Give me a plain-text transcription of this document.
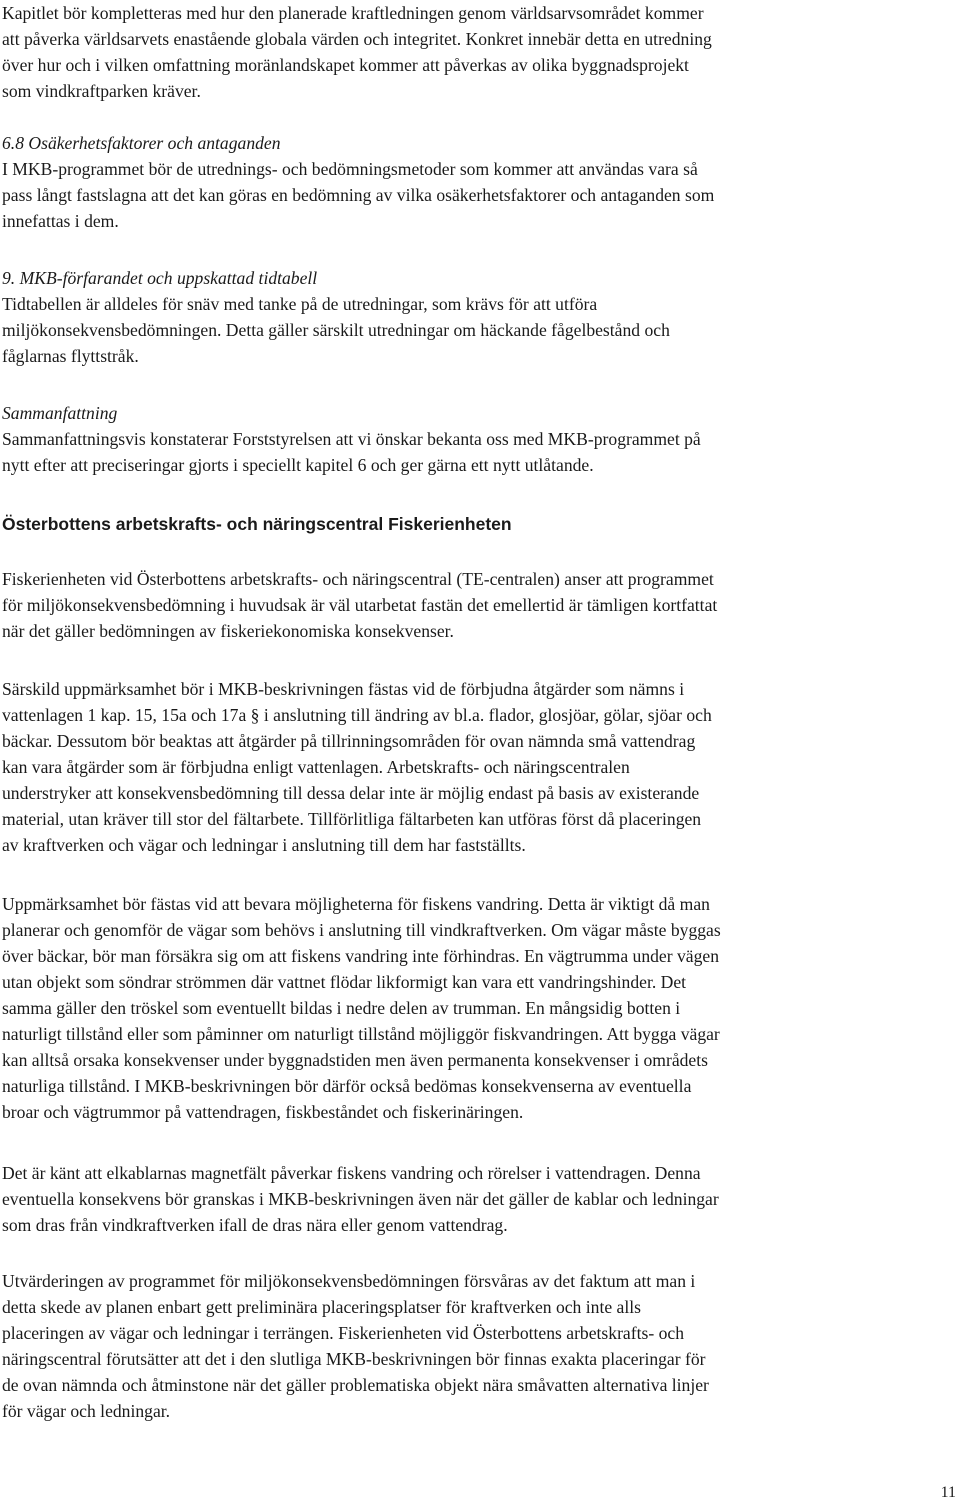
Kapitlet bör kompletteras med hur den planerade kraftledningen genom världsarvsområdet kommer
att påverka världsarvets enastående globala värden och integritet. Konkret innebär detta en utredning
över hur och i vilken omfattning moränlandskapet kommer att påverkas av olika byggnadsprojekt
som vindkraftparken kräver.
6.8 Osäkerhetsfaktorer och antaganden
I MKB-programmet bör de utrednings- och bedömningsmetoder som kommer att användas vara så
pass långt fastslagna att det kan göras en bedömning av vilka osäkerhetsfaktorer och antaganden som
innefattas i dem.
9. MKB-förfarandet och uppskattad tidtabell
Tidtabellen är alldeles för snäv med tanke på de utredningar, som krävs för att utföra
miljökonsekvensbedömningen. Detta gäller särskilt utredningar om häckande fågelbestånd och
fåglarnas flyttstråk.
Sammanfattning
Sammanfattningsvis konstaterar Forststyrelsen att vi önskar bekanta oss med MKB-programmet på
nytt efter att preciseringar gjorts i speciellt kapitel 6 och ger gärna ett nytt utlåtande.
Österbottens arbetskrafts- och näringscentral Fiskerienheten
Fiskerienheten vid Österbottens arbetskrafts- och näringscentral (TE-centralen) anser att programmet
för miljökonsekvensbedömning i huvudsak är väl utarbetat fastän det emellertid är tämligen kortfattat
när det gäller bedömningen av fiskeriekonomiska konsekvenser.
Särskild uppmärksamhet bör i MKB-beskrivningen fästas vid de förbjudna åtgärder som nämns i
vattenlagen 1 kap. 15, 15a och 17a § i anslutning till ändring av bl.a. flador, glosjöar, gölar, sjöar och
bäckar. Dessutom bör beaktas att åtgärder på tillrinningsområden för ovan nämnda små vattendrag
kan vara åtgärder som är förbjudna enligt vattenlagen. Arbetskrafts- och näringscentralen
understryker att konsekvensbedömning till dessa delar inte är möjlig endast på basis av existerande
material, utan kräver till stor del fältarbete. Tillförlitliga fältarbeten kan utföras först då placeringen
av kraftverken och vägar och ledningar i anslutning till dem har fastställts.
Uppmärksamhet bör fästas vid att bevara möjligheterna för fiskens vandring. Detta är viktigt då man
planerar och genomför de vägar som behövs i anslutning till vindkraftverken. Om vägar måste byggas
över bäckar, bör man försäkra sig om att fiskens vandring inte förhindras. En vägtrumma under vägen
utan objekt som söndrar strömmen där vattnet flödar likformigt kan vara ett vandringshinder. Det
samma gäller den tröskel som eventuellt bildas i nedre delen av trumman. En mångsidig botten i
naturligt tillstånd eller som påminner om naturligt tillstånd möjliggör fiskvandringen. Att bygga vägar
kan alltså orsaka konsekvenser under byggnadstiden men även permanenta konsekvenser i områdets
naturliga tillstånd. I MKB-beskrivningen bör därför också bedömas konsekvenserna av eventuella
broar och vägtrummor på vattendragen, fiskbeståndet och fiskerinäringen.
Det är känt att elkablarnas magnetfält påverkar fiskens vandring och rörelser i vattendragen. Denna
eventuella konsekvens bör granskas i MKB-beskrivningen även när det gäller de kablar och ledningar
som dras från vindkraftverken ifall de dras nära eller genom vattendrag.
Utvärderingen av programmet för miljökonsekvensbedömningen försvåras av det faktum att man i
detta skede av planen enbart gett preliminära placeringsplatser för kraftverken och inte alls
placeringen av vägar och ledningar i terrängen. Fiskerienheten vid Österbottens arbetskrafts- och
näringscentral förutsätter att det i den slutliga MKB-beskrivningen bör finnas exakta placeringar för
de ovan nämnda och åtminstone när det gäller problematiska objekt nära småvatten alternativa linjer
för vägar och ledningar.
11
